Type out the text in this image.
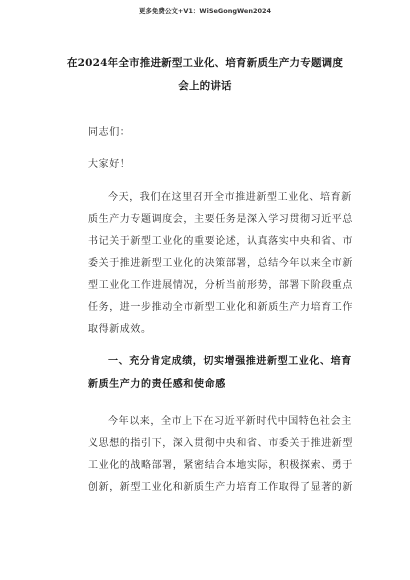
更多免费公文+V1：WiSeGongWen2024
在2024年全市推进新型工业化、培育新质生产力专题调度
会上的讲话
同志们：
大家好！
今天，我们在这里召开全市推进新型工业化、培育新
质生产力专题调度会，主要任务是深入学习贯彻习近平总
书记关于新型工业化的重要论述，认真落实中央和省、市
委关于推进新型工业化的决策部署，总结今年以来全市新
型工业化工作进展情况，分析当前形势，部署下阶段重点
任务，进一步推动全市新型工业化和新质生产力培育工作
取得新成效。
一、充分肯定成绩，切实增强推进新型工业化、培育
新质生产力的责任感和使命感
今年以来，全市上下在习近平新时代中国特色社会主
义思想的指引下，深入贯彻中央和省、市委关于推进新型
工业化的战略部署，紧密结合本地实际，积极探索、勇于
创新，新型工业化和新质生产力培育工作取得了显著的新
